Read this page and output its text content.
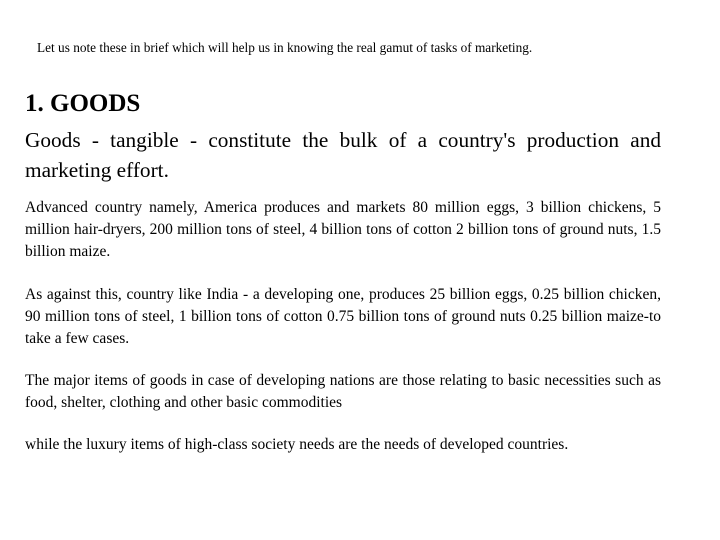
Let us note these in brief which will help us in knowing the real gamut of tasks of marketing.
1. GOODS

Goods - tangible - constitute the bulk of a country's production and marketing effort.

Advanced country namely, America produces and markets 80 million eggs, 3 billion chickens, 5 million hair-dryers, 200 million tons of steel, 4 billion tons of cotton 2 billion tons of ground nuts, 1.5 billion maize.

As against this, country like India - a developing one, produces 25 billion eggs, 0.25 billion chicken, 90 million tons of steel, 1 billion tons of cotton 0.75 billion tons of ground nuts 0.25 billion maize-to take a few cases.

The major items of goods in case of developing nations are those relating to basic necessities such as food, shelter, clothing and other basic commodities

while the luxury items of high-class society needs are the needs of developed countries.
